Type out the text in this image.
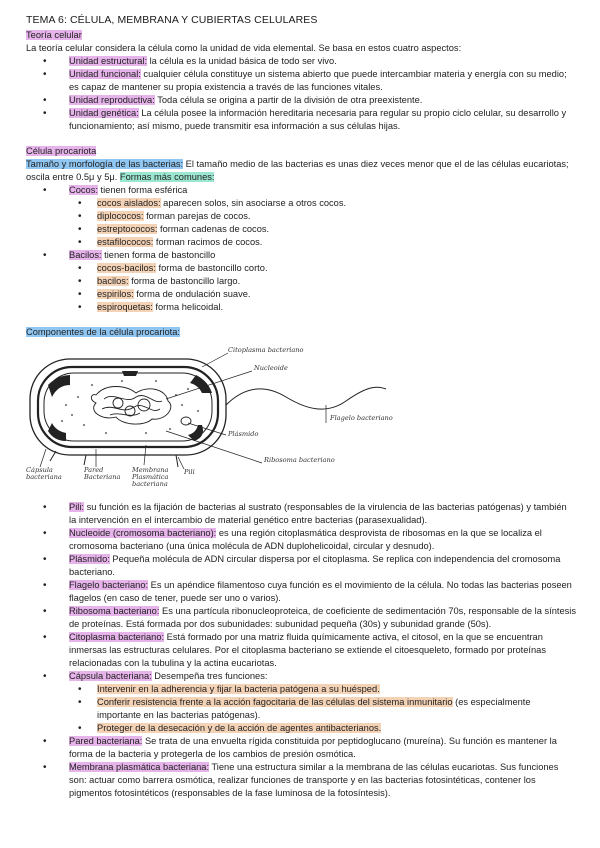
TEMA 6: CÉLULA, MEMBRANA Y CUBIERTAS CELULARES

Teoría celular

La teoría celular considera la célula como la unidad de vida elemental. Se basa en estos cuatro aspectos:

• Unidad estructural: la célula es la unidad básica de todo ser vivo.
• Unidad funcional: cualquier célula constituye un sistema abierto que puede intercambiar materia y energía con su medio; es capaz de mantener su propia existencia a través de las funciones vitales.
• Unidad reproductiva: Toda célula se origina a partir de la división de otra preexistente.
• Unidad genética: La célula posee la información hereditaria necesaria para regular su propio ciclo celular, su desarrollo y funcionamiento; así mismo, puede transmitir esa información a sus células hijas.

Célula procariota

Tamaño y morfología de las bacterias: El tamaño medio de las bacterias es unas diez veces menor que el de las células eucariotas; oscila entre 0.5μ y 5μ. Formas más comunes:

• Cocos: tienen forma esférica
• cocos aislados: aparecen solos, sin asociarse a otros cocos.
• diplococos: forman parejas de cocos.
• estreptococos: forman cadenas de cocos.
• estafilococos: forman racimos de cocos.
• Bacilos: tienen forma de bastoncillo
• cocos-bacilos: forma de bastoncillo corto.
• bacilos: forma de bastoncillo largo.
• espirilos: forma de ondulación suave.
• espiroquetas: forma helicoidal.

Componentes de la célula procariota:

Citoplasma bacteriano
Nucleoide
Flagelo bacteriano
Plásmido
Ribosoma bacteriano
Cápsula bacteriana
Pared Bacteriana
Membrana Plasmática bacteriana
Pili
• Pili: su función es la fijación de bacterias al sustrato (responsables de la virulencia de las bacterias patógenas) y también la intervención en el intercambio de material genético entre bacterias (parasexualidad).
• Nucleoide (cromosoma bacteriano): es una región citoplasmática desprovista de ribosomas en la que se localiza el cromosoma bacteriano (una única molécula de ADN duplohelicoidal, circular y desnudo).
• Plásmido: Pequeña molécula de ADN circular dispersa por el citoplasma. Se replica con independencia del cromosoma bacteriano.
• Flagelo bacteriano: Es un apéndice filamentoso cuya función es el movimiento de la célula. No todas las bacterias poseen flagelos (en caso de tener, puede ser uno o varios).
• Ribosoma bacteriano: Es una partícula ribonucleoproteica, de coeficiente de sedimentación 70s, responsable de la síntesis de proteínas. Está formada por dos subunidades: subunidad pequeña (30s) y subunidad grande (50s).
• Citoplasma bacteriano: Está formado por una matriz fluida químicamente activa, el citosol, en la que se encuentran inmersas las estructuras celulares. Por el citoplasma bacteriano se extiende el citoesqueleto, formado por proteínas relacionadas con la tubulina y la actina eucariotas.
• Cápsula bacteriana: Desempeña tres funciones:
• Intervenir en la adherencia y fijar la bacteria patógena a su huésped.
• Conferir resistencia frente a la acción fagocitaria de las células del sistema inmunitario (es especialmente importante en las bacterias patógenas).
• Proteger de la desecación y de la acción de agentes antibacterianos.
• Pared bacteriana: Se trata de una envuelta rígida constituida por peptidoglucano (mureína). Su función es mantener la forma de la bacteria y protegerla de los cambios de presión osmótica.
• Membrana plasmática bacteriana: Tiene una estructura similar a la membrana de las células eucariotas. Sus funciones son: actuar como barrera osmótica, realizar funciones de transporte y en las bacterias fotosintéticas, contener los pigmentos fotosintéticos (responsables de la fase luminosa de la fotosíntesis).
